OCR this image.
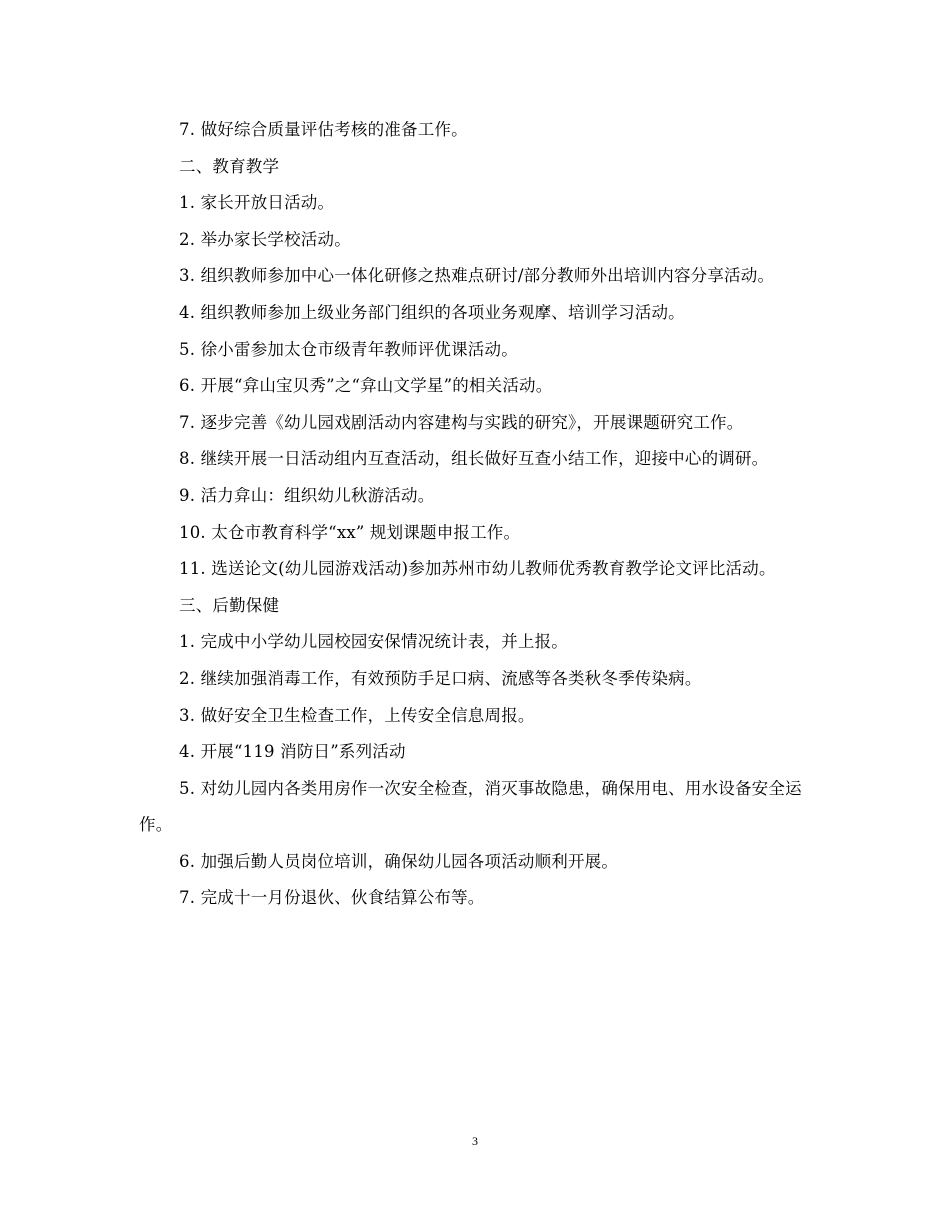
7. 做好综合质量评估考核的准备工作。

二、教育教学

1. 家长开放日活动。

2. 举办家长学校活动。

3. 组织教师参加中心一体化研修之热难点研讨/部分教师外出培训内容分享活动。

4. 组织教师参加上级业务部门组织的各项业务观摩、培训学习活动。

5. 徐小雷参加太仓市级青年教师评优课活动。

6. 开展“弇山宝贝秀”之“弇山文学星”的相关活动。

7. 逐步完善《幼儿园戏剧活动内容建构与实践的研究》，开展课题研究工作。

8. 继续开展一日活动组内互查活动，组长做好互查小结工作，迎接中心的调研。

9. 活力弇山：组织幼儿秋游活动。

10. 太仓市教育科学“xx” 规划课题申报工作。

11. 选送论文(幼儿园游戏活动)参加苏州市幼儿教师优秀教育教学论文评比活动。

三、后勤保健

1. 完成中小学幼儿园校园安保情况统计表，并上报。

2. 继续加强消毒工作，有效预防手足口病、流感等各类秋冬季传染病。

3. 做好安全卫生检查工作，上传安全信息周报。

4. 开展“119 消防日”系列活动

5. 对幼儿园内各类用房作一次安全检查，消灭事故隐患，确保用电、用水设备安全运作。

6. 加强后勤人员岗位培训，确保幼儿园各项活动顺利开展。

7. 完成十一月份退伙、伙食结算公布等。

3
